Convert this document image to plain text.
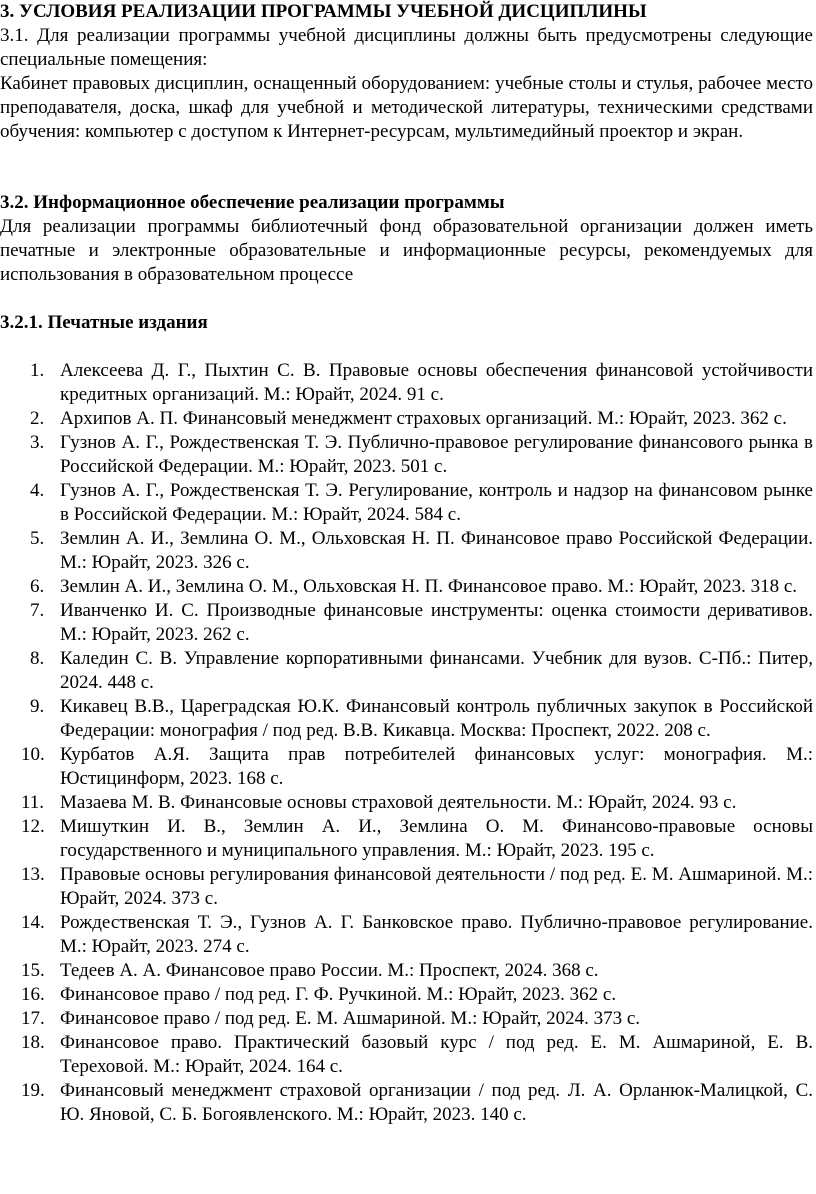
3. УСЛОВИЯ РЕАЛИЗАЦИИ ПРОГРАММЫ УЧЕБНОЙ ДИСЦИПЛИНЫ

3.1. Для реализации программы учебной дисциплины должны быть предусмотрены следующие специальные помещения:

Кабинет правовых дисциплин, оснащенный оборудованием: учебные столы и стулья, рабочее место преподавателя, доска, шкаф для учебной и методической литературы, техническими средствами обучения: компьютер с доступом к Интернет-ресурсам, мультимедийный проектор и экран.

3.2. Информационное обеспечение реализации программы

Для реализации программы библиотечный фонд образовательной организации должен иметь печатные и электронные образовательные и информационные ресурсы, рекомендуемых для использования в образовательном процессе

3.2.1. Печатные издания
1. Алексеева Д. Г., Пыхтин С. В. Правовые основы обеспечения финансовой устойчивости кредитных организаций. М.: Юрайт, 2024. 91 с.
2. Архипов А. П. Финансовый менеджмент страховых организаций. М.: Юрайт, 2023. 362 с.
3. Гузнов А. Г., Рождественская Т. Э. Публично-правовое регулирование финансового рынка в Российской Федерации. М.: Юрайт, 2023. 501 с.
4. Гузнов А. Г., Рождественская Т. Э. Регулирование, контроль и надзор на финансовом рынке в Российской Федерации. М.: Юрайт, 2024. 584 с.
5. Землин А. И., Землина О. М., Ольховская Н. П. Финансовое право Российской Федерации. М.: Юрайт, 2023. 326 с.
6. Землин А. И., Землина О. М., Ольховская Н. П. Финансовое право. М.: Юрайт, 2023. 318 с.
7. Иванченко И. С. Производные финансовые инструменты: оценка стоимости деривативов. М.: Юрайт, 2023. 262 с.
8. Каледин С. В. Управление корпоративными финансами. Учебник для вузов. С-Пб.: Питер, 2024. 448 с.
9. Кикавец В.В., Цареградская Ю.К. Финансовый контроль публичных закупок в Российской Федерации: монография / под ред. В.В. Кикавца. Москва: Проспект, 2022. 208 с.
10. Курбатов А.Я. Защита прав потребителей финансовых услуг: монография. М.: Юстицинформ, 2023. 168 с.
11. Мазаева М. В. Финансовые основы страховой деятельности. М.: Юрайт, 2024. 93 с.
12. Мишуткин И. В., Землин А. И., Землина О. М. Финансово-правовые основы государственного и муниципального управления. М.: Юрайт, 2023. 195 с.
13. Правовые основы регулирования финансовой деятельности / под ред. Е. М. Ашмариной. М.: Юрайт, 2024. 373 с.
14. Рождественская Т. Э., Гузнов А. Г. Банковское право. Публично-правовое регулирование. М.: Юрайт, 2023. 274 с.
15. Тедеев А. А. Финансовое право России. М.: Проспект, 2024. 368 с.
16. Финансовое право / под ред. Г. Ф. Ручкиной. М.: Юрайт, 2023. 362 с.
17. Финансовое право / под ред. Е. М. Ашмариной. М.: Юрайт, 2024. 373 с.
18. Финансовое право. Практический базовый курс / под ред. Е. М. Ашмариной, Е. В. Тереховой. М.: Юрайт, 2024. 164 с.
19. Финансовый менеджмент страховой организации / под ред. Л. А. Орланюк-Малицкой, С. Ю. Яновой, С. Б. Богоявленского. М.: Юрайт, 2023. 140 с.
